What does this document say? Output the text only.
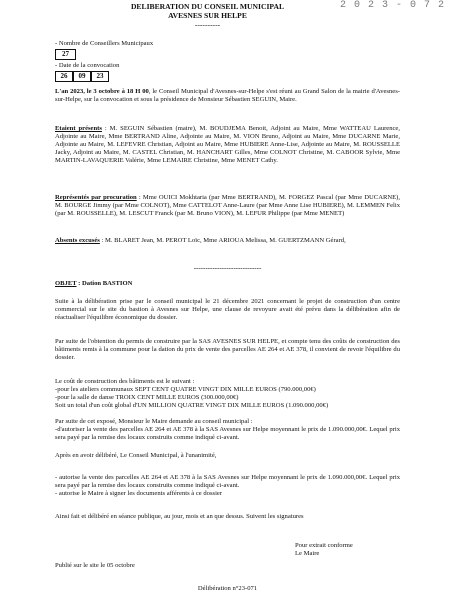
DELIBERATION DU CONSEIL MUNICIPAL
AVESNES SUR HELPE
----------
2 0 2 3 - 0 7 2
- Nombre de Conseillers Municipaux
27
- Date de la convocation
26	09	23
L'an 2023, le 3 octobre à 18 H 00, le Conseil Municipal d'Avesnes-sur-Helpe s'est réuni au Grand Salon de la mairie d'Avesnes-sur-Helpe, sur la convocation et sous la présidence de Monsieur Sébastien SEGUIN, Maire.
Etaient présents : M. SEGUIN Sébastien (maire), M. BOUDJEMA Benoit, Adjoint au Maire, Mme WATTEAU Laurence, Adjointe au Maire, Mme BERTRAND Aline, Adjointe au Maire, M. VION Bruno, Adjoint au Maire, Mme DUCARNE Marie, Adjointe au Maire, M. LEFEVRE Christian, Adjoint au Maire, Mme HUBIERE Anne-Lise, Adjointe au Maire, M. ROUSSELLE Jacky, Adjoint au Maire, M. CASTEL Christian, M. HANCHART Gilles, Mme COLNOT Christine, M. CABOOR Sylvie, Mme MARTIN-LAVAQUERIE Valérie, Mme LEMAIRE Christine, Mme MENET Cathy.
Représentés par procuration : Mme OUICI Mokhtaria (par Mme BERTRAND), M. FORGEZ Pascal (par Mme DUCARNE), M. BOURGE Jimmy (par Mme COLNOT), Mme CATTELOT Anne-Laure (par Mme Anne Lise HUBIERE), M. LEMMEN Felix (par M. ROUSSELLE), M. LESCUT Franck (par M. Bruno VION), M. LEFUR Philippe (par Mme MENET)
Absents excusés : M. BLARET Jean, M. PEROT Loïc, Mme ARIOUA Melissa, M. GUERTZMANN Gérard,
-----------------------------
OBJET : Dation BASTION
Suite à la délibération prise par le conseil municipal le 21 décembre 2021 concernant le projet de construction d'un centre commercial sur le site du bastion à Avesnes sur Helpe, une clause de revoyure avait été prévu dans la délibération afin de réactualiser l'équilibre économique du dossier.
Par suite de l'obtention du permis de construire par la SAS AVESNES SUR HELPE, et compte tenu des coûts de construction des bâtiments remis à la commune pour la dation du prix de vente des parcelles AE 264 et AE 378, il convient de revoir l'équilibre du dossier.
Le coût de construction des bâtiments est le suivant :
-pour les ateliers communaux SEPT CENT QUATRE VINGT DIX MILLE EUROS (790.000,00€)
-pour la salle de danse TROIX CENT MILLE EUROS (300.000,00€)
Soit un total d'un coût global d'UN MILLION QUATRE VINGT DIX MILLE EUROS (1.090.000,00€)
Par suite de cet exposé, Monsieur le Maire demande au conseil municipal :
-d'autoriser la vente des parcelles AE 264 et AE 378 à la SAS Avesnes sur Helpe moyennant le prix de 1.090.000,00€. Lequel prix sera payé par la remise des locaux construits comme indiqué ci-avant.
Après en avoir délibéré, Le Conseil Municipal, à l'unanimité,
- autorise la vente des parcelles AE 264 et AE 378 à la SAS Avesnes sur Helpe moyennant le prix de 1.090.000,00€. Lequel prix sera payé par la remise des locaux construits comme indiqué ci-avant.
- autorise le Maire à signer les documents afférents à ce dossier
Ainsi fait et délibéré en séance publique, au jour, mois et an que dessus. Suivent les signatures
Pour extrait conforme
Le Maire
Publié sur le site le 05 octobre
Délibération n°23-071
